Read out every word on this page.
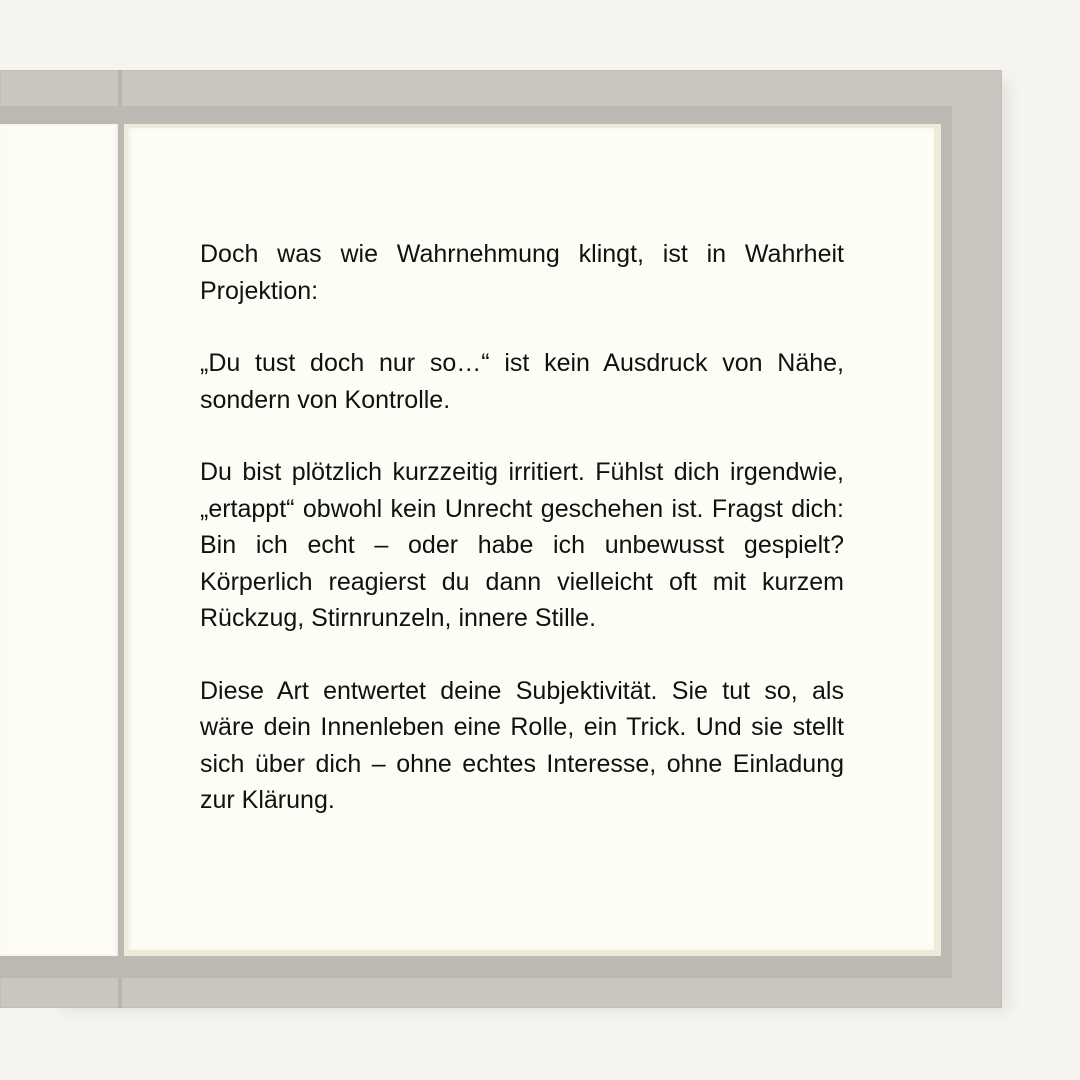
Doch was wie Wahrnehmung klingt, ist in Wahrheit Projektion:

„Du tust doch nur so…“ ist kein Ausdruck von Nähe, sondern von Kontrolle.

Du bist plötzlich kurzzeitig irritiert. Fühlst dich irgendwie, „ertappt“ obwohl kein Unrecht geschehen ist. Fragst dich: Bin ich echt – oder habe ich unbewusst gespielt? Körperlich reagierst du dann vielleicht oft mit kurzem Rückzug, Stirnrunzeln, innere Stille.

Diese Art entwertet deine Subjektivität. Sie tut so, als wäre dein Innenleben eine Rolle, ein Trick. Und sie stellt sich über dich – ohne echtes Interesse, ohne Einladung zur Klärung.
